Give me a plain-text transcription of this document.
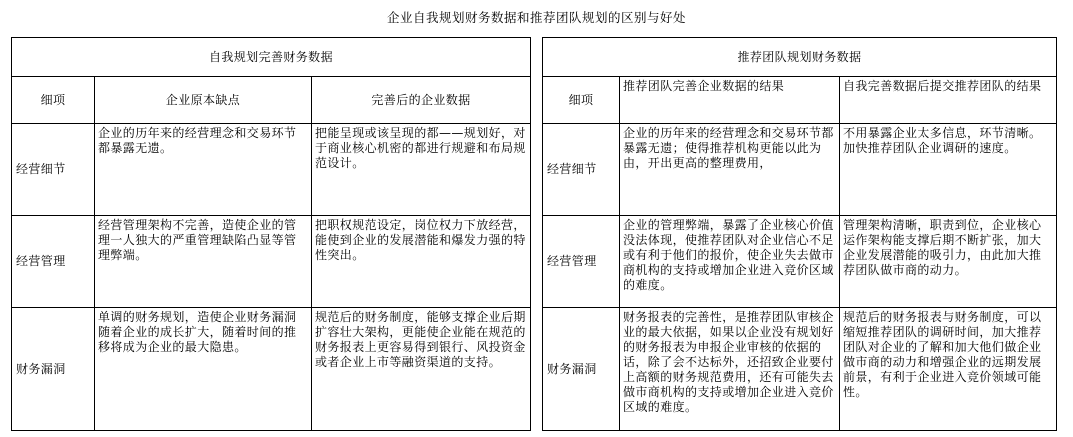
企业自我规划财务数据和推荐团队规划的区别与好处
自我规划完善财务数据		
细项	企业原本缺点	完善后的企业数据
经营细节	企业的历年来的经营理念和交易环节都暴露无遗。	把能呈现或该呈现的都——规划好，对于商业核心机密的都进行规避和布局规范设计。
经营管理	经营管理架构不完善，造使企业的管理一人独大的严重管理缺陷凸显等管理弊端。	把职权规范设定，岗位权力下放经营，能使到企业的发展潜能和爆发力强的特性突出。
财务漏洞	单调的财务规划，造使企业财务漏洞随着企业的成长扩大，随着时间的推移将成为企业的最大隐患。	规范后的财务制度，能够支撑企业后期扩容壮大架构，更能使企业能在规范的财务报表上更容易得到银行、风投资金或者企业上市等融资渠道的支持。
推荐团队规划财务数据		
细项	推荐团队完善企业数据的结果	自我完善数据后提交推荐团队的结果
经营细节	企业的历年来的经营理念和交易环节都暴露无遗；使得推荐机构更能以此为由，开出更高的整理费用，	不用暴露企业太多信息，环节清晰。加快推荐团队企业调研的速度。
经营管理	企业的管理弊端，暴露了企业核心价值没法体现，使推荐团队对企业信心不足或有利于他们的报价，使企业失去做市商机构的支持或增加企业进入竞价区域的难度。	管理架构清晰，职责到位，企业核心运作架构能支撑后期不断扩张，加大企业发展潜能的吸引力，由此加大推荐团队做市商的动力。
财务漏洞	财务报表的完善性，是推荐团队审核企业的最大依据，如果以企业没有规划好的财务报表为申报企业审核的依据的话，除了会不达标外，还招致企业要付上高额的财务规范费用，还有可能失去做市商机构的支持或增加企业进入竞价区域的难度。	规范后的财务报表与财务制度，可以缩短推荐团队的调研时间，加大推荐团队对企业的了解和加大他们做企业做市商的动力和增强企业的远期发展前景，有利于企业进入竞价领域可能性。
